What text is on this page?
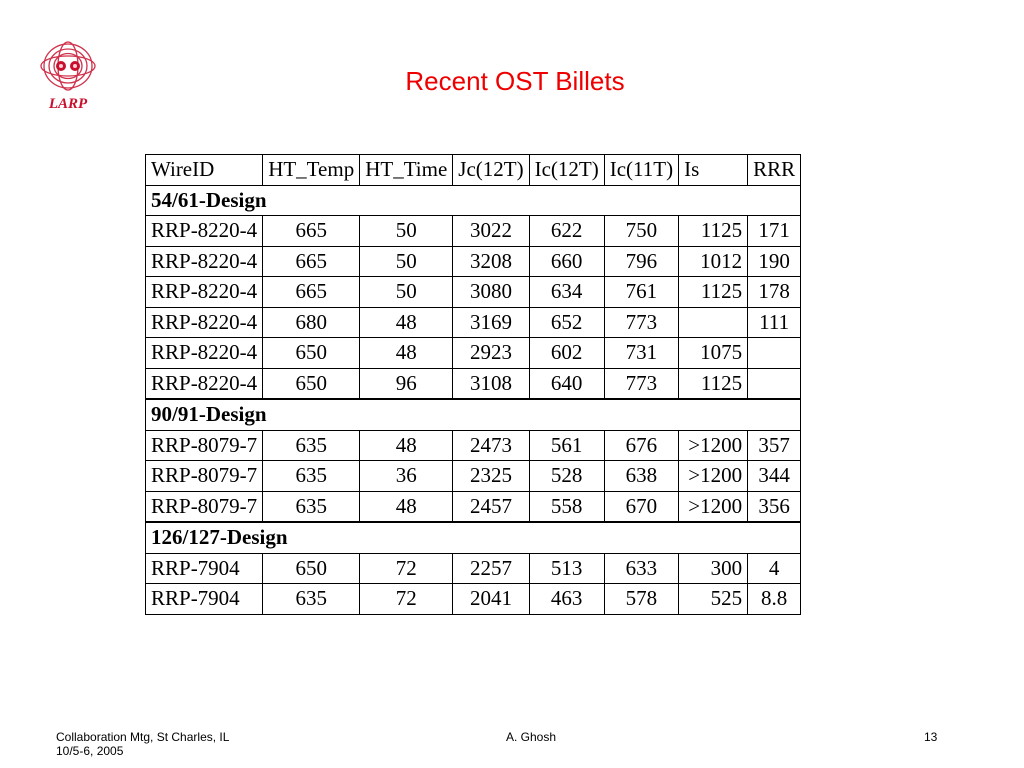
LARP
Recent OST Billets
WireID	HT_Temp	HT_Time	Jc(12T)	Ic(12T)	Ic(11T)	Is	RRR
54/61-Design							
RRP-8220-4	665	50	3022	622	750	1125	171
RRP-8220-4	665	50	3208	660	796	1012	190
RRP-8220-4	665	50	3080	634	761	1125	178
RRP-8220-4	680	48	3169	652	773		111
RRP-8220-4	650	48	2923	602	731	1075	
RRP-8220-4	650	96	3108	640	773	1125	
90/91-Design							
RRP-8079-7	635	48	2473	561	676	>1200	357
RRP-8079-7	635	36	2325	528	638	>1200	344
RRP-8079-7	635	48	2457	558	670	>1200	356
126/127-Design							
RRP-7904	650	72	2257	513	633	300	4
RRP-7904	635	72	2041	463	578	525	8.8
Collaboration Mtg, St Charles, IL
10/5-6, 2005
A. Ghosh	13
